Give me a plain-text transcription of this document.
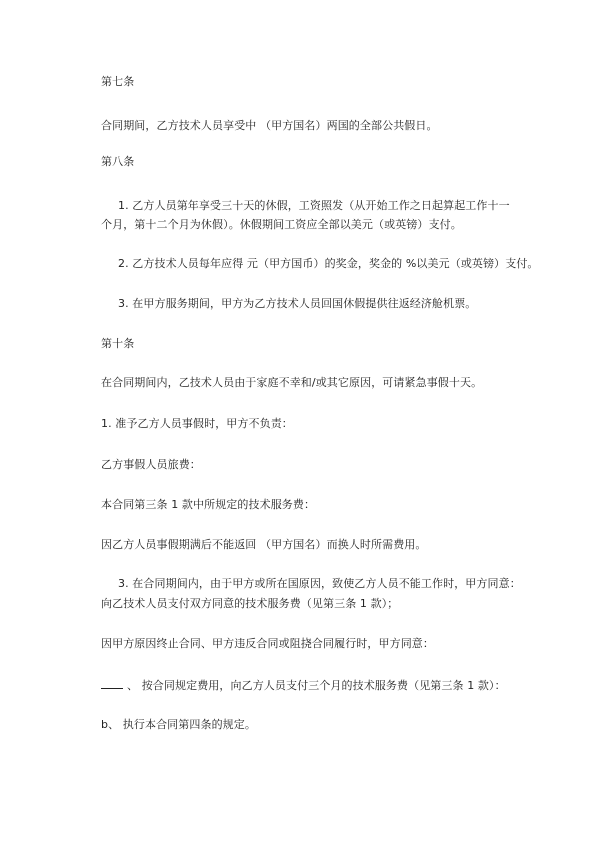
第七条
合同期间，乙方技术人员享受中 （甲方国名）两国的全部公共假日。
第八条
1. 乙方人员第年享受三十天的休假，工资照发（从开始工作之日起算起工作十一
个月，第十二个月为休假）。休假期间工资应全部以美元（或英镑）支付。
2. 乙方技术人员每年应得 元（甲方国币）的奖金，奖金的 %以美元（或英镑）支付。
3. 在甲方服务期间，甲方为乙方技术人员回国休假提供往返经济舱机票。
第十条
在合同期间内，乙技术人员由于家庭不幸和/或其它原因，可请紧急事假十天。
1. 准予乙方人员事假时，甲方不负责：
乙方事假人员旅费：
本合同第三条 1 款中所规定的技术服务费：
因乙方人员事假期满后不能返回 （甲方国名）而换人时所需费用。
3. 在合同期间内，由于甲方或所在国原因，致使乙方人员不能工作时，甲方同意：
向乙技术人员支付双方同意的技术服务费（见第三条 1 款）；
因甲方原因终止合同、甲方违反合同或阻挠合同履行时，甲方同意：
、 按合同规定费用，向乙方人员支付三个月的技术服务费（见第三条 1 款）：
b、 执行本合同第四条的规定。
